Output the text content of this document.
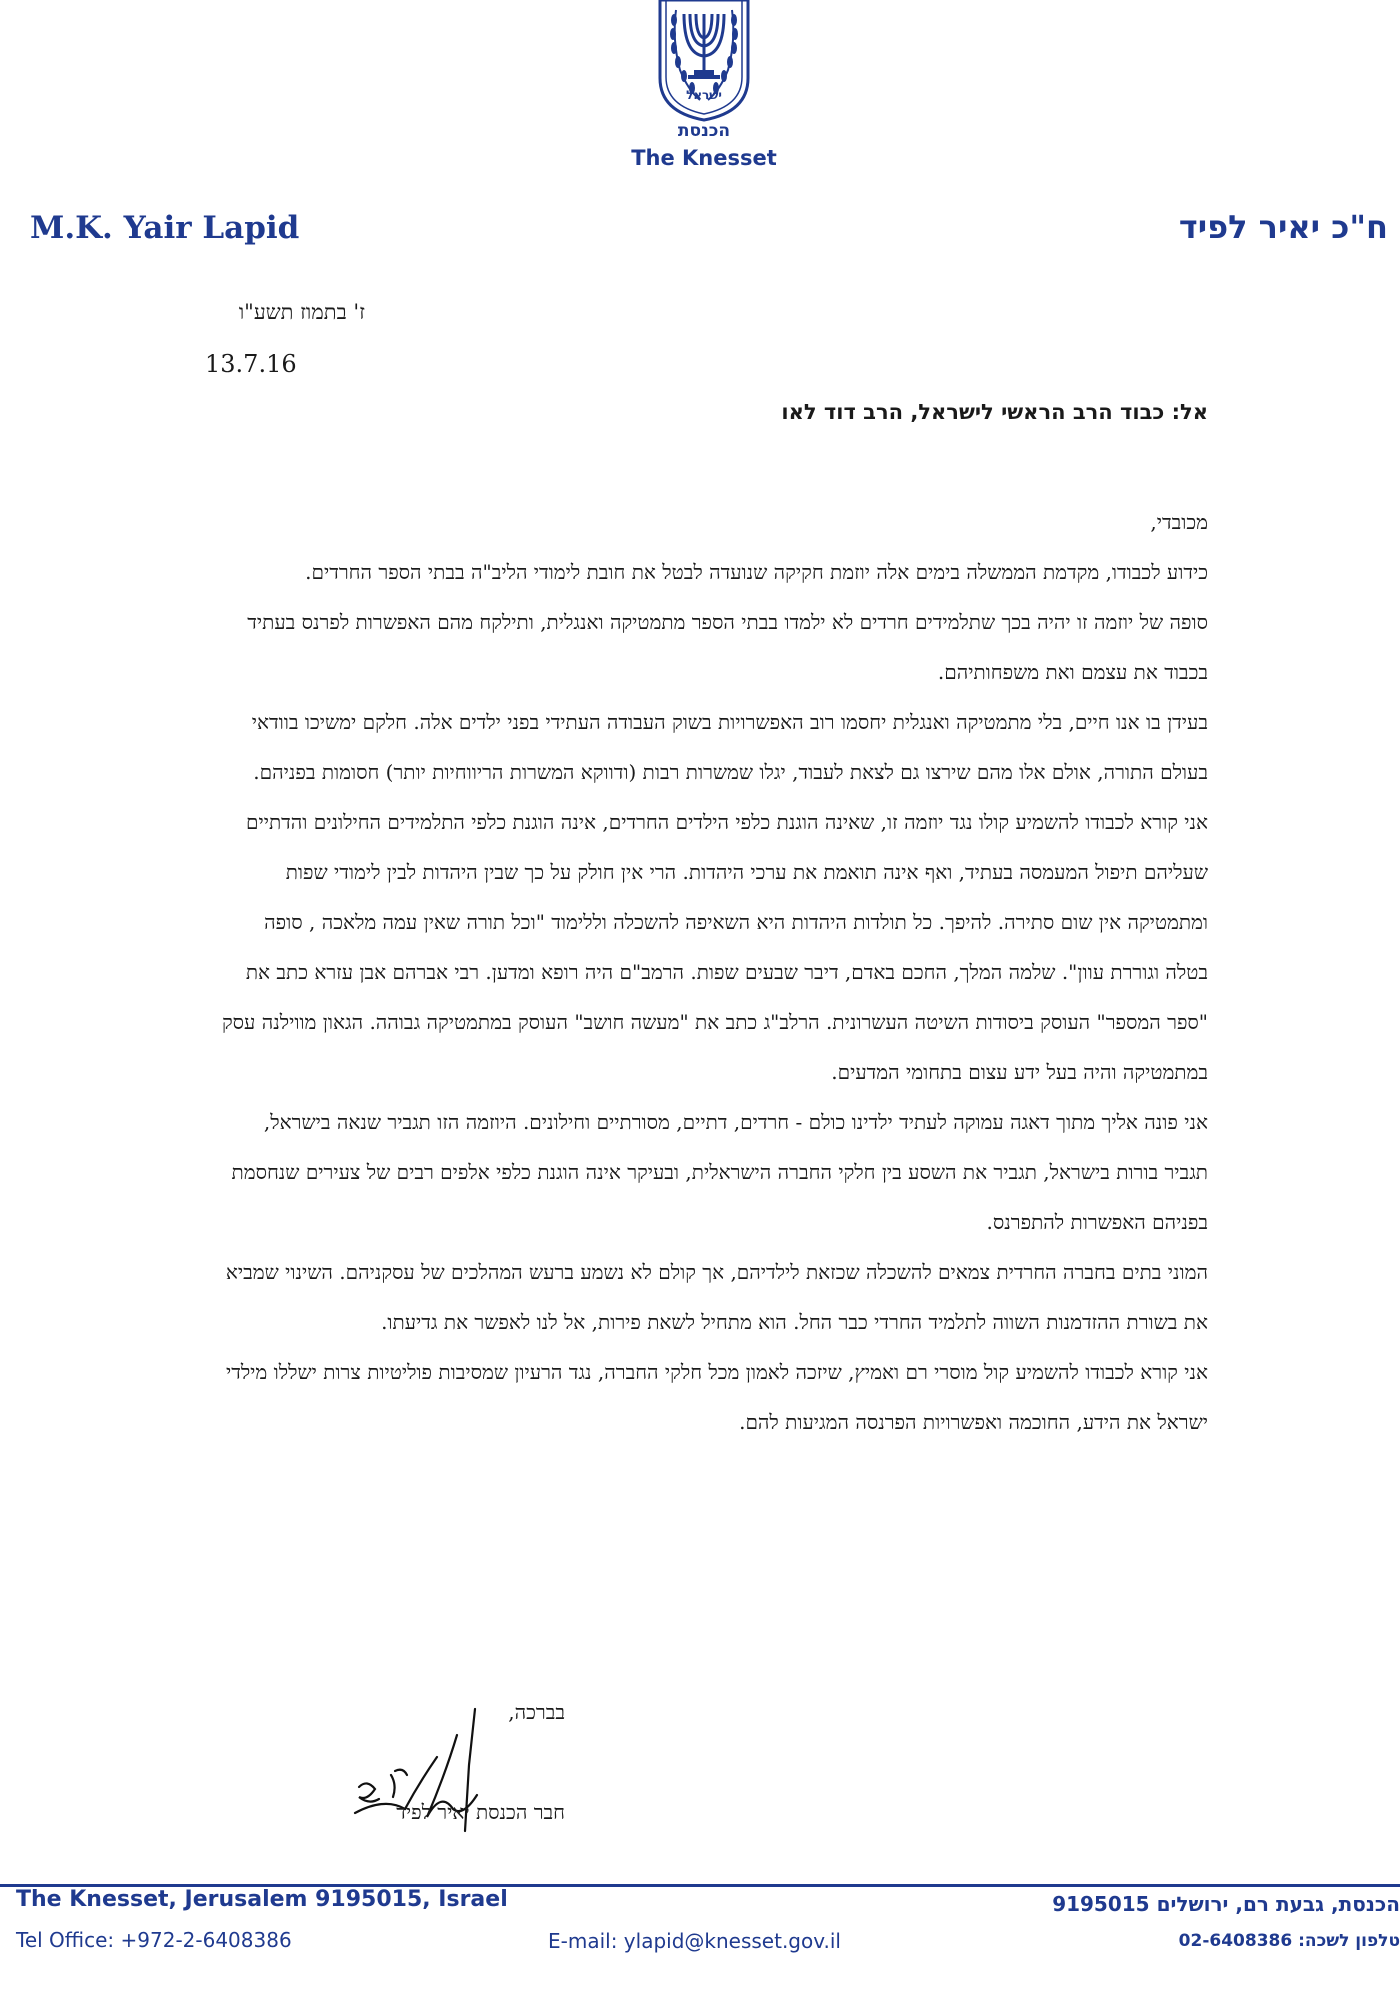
ישראל
הכנסת
The Knesset
M.K. Yair Lapid	ח"כ יאיר לפיד
ז' בתמוז תשע"ו
13.7.16
אל: כבוד הרב הראשי לישראל, הרב דוד לאו

מכובדי,

כידוע לכבודו, מקדמת הממשלה בימים אלה יוזמת חקיקה שנועדה לבטל את חובת לימודי הליב"ה בבתי הספר החרדים.

סופה של יוזמה זו יהיה בכך שתלמידים חרדים לא ילמדו בבתי הספר מתמטיקה ואנגלית, ותילקח מהם האפשרות לפרנס בעתיד בכבוד את עצמם ואת משפחותיהם.

בעידן בו אנו חיים, בלי מתמטיקה ואנגלית יחסמו רוב האפשרויות בשוק העבודה העתידי בפני ילדים אלה. חלקם ימשיכו בוודאי בעולם התורה, אולם אלו מהם שירצו גם לצאת לעבוד, יגלו שמשרות רבות (ודווקא המשרות הריווחיות יותר) חסומות בפניהם.

אני קורא לכבודו להשמיע קולו נגד יוזמה זו, שאינה הוגנת כלפי הילדים החרדים, אינה הוגנת כלפי התלמידים החילונים והדתיים שעליהם תיפול המעמסה בעתיד, ואף אינה תואמת את ערכי היהדות. הרי אין חולק על כך שבין היהדות לבין לימודי שפות ומתמטיקה אין שום סתירה. להיפך. כל תולדות היהדות היא השאיפה להשכלה וללימוד "וכל תורה שאין עמה מלאכה , סופה בטלה וגוררת עוון". שלמה המלך, החכם באדם, דיבר שבעים שפות. הרמב"ם היה רופא ומדען. רבי אברהם אבן עזרא כתב את "ספר המספר" העוסק ביסודות השיטה העשרונית. הרלב"ג כתב את "מעשה חושב" העוסק במתמטיקה גבוהה. הגאון מווילנה עסק במתמטיקה והיה בעל ידע עצום בתחומי המדעים.

אני פונה אליך מתוך דאגה עמוקה לעתיד ילדינו כולם - חרדים, דתיים, מסורתיים וחילונים. היוזמה הזו תגביר שנאה בישראל, תגביר בורות בישראל, תגביר את השסע בין חלקי החברה הישראלית, ובעיקר אינה הוגנת כלפי אלפים רבים של צעירים שנחסמת בפניהם האפשרות להתפרנס.

המוני בתים בחברה החרדית צמאים להשכלה שכזאת לילדיהם, אך קולם לא נשמע ברעש המהלכים של עסקניהם. השינוי שמביא את בשורת ההזדמנות השווה לתלמיד החרדי כבר החל. הוא מתחיל לשאת פירות, אל לנו לאפשר את גדיעתו.

אני קורא לכבודו להשמיע קול מוסרי רם ואמיץ, שיזכה לאמון מכל חלקי החברה, נגד הרעיון שמסיבות פוליטיות צרות ישללו מילדי ישראל את הידע, החוכמה ואפשרויות הפרנסה המגיעות להם.

בברכה,
חבר הכנסת יאיר לפיד
The Knesset, Jerusalem 9195015, Israel
Tel Office: +972-2-6408386	E-mail: ylapid@knesset.gov.il
הכנסת, גבעת רם, ירושלים 9195015
טלפון לשכה: 02-6408386
